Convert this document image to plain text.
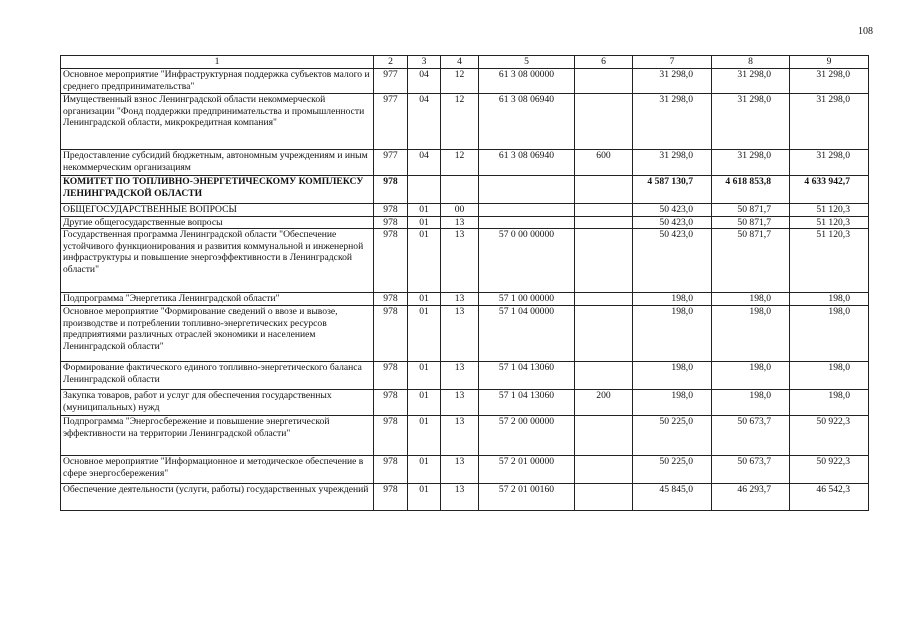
108
1	2	3	4	5	6	7	8	9
Основное мероприятие "Инфраструктурная поддержка субъектов малого и среднего предпринимательства"	977	04	12	61 3 08 00000		31 298,0	31 298,0	31 298,0
Имущественный взнос Ленинградской области некоммерческой организации "Фонд поддержки предпринимательства и промышленности Ленинградской области, микрокредитная компания"	977	04	12	61 3 08 06940		31 298,0	31 298,0	31 298,0
Предоставление субсидий бюджетным, автономным учреждениям и иным некоммерческим организациям	977	04	12	61 3 08 06940	600	31 298,0	31 298,0	31 298,0
КОМИТЕТ ПО ТОПЛИВНО-ЭНЕРГЕТИЧЕСКОМУ КОМПЛЕКСУ ЛЕНИНГРАДСКОЙ ОБЛАСТИ	978					4 587 130,7	4 618 853,8	4 633 942,7
ОБЩЕГОСУДАРСТВЕННЫЕ ВОПРОСЫ	978	01	00			50 423,0	50 871,7	51 120,3
Другие общегосударственные вопросы	978	01	13			50 423,0	50 871,7	51 120,3
Государственная программа Ленинградской области "Обеспечение устойчивого функционирования и развития коммунальной и инженерной инфраструктуры и повышение энергоэффективности в Ленинградской области"	978	01	13	57 0 00 00000		50 423,0	50 871,7	51 120,3
Подпрограмма "Энергетика Ленинградской области"	978	01	13	57 1 00 00000		198,0	198,0	198,0
Основное мероприятие "Формирование сведений о ввозе и вывозе, производстве и потреблении топливно-энергетических ресурсов предприятиями различных отраслей экономики и населением Ленинградской области"	978	01	13	57 1 04 00000		198,0	198,0	198,0
Формирование фактического единого топливно-энергетического баланса Ленинградской области	978	01	13	57 1 04 13060		198,0	198,0	198,0
Закупка товаров, работ и услуг для обеспечения государственных (муниципальных) нужд	978	01	13	57 1 04 13060	200	198,0	198,0	198,0
Подпрограмма "Энергосбережение и повышение энергетической эффективности на территории Ленинградской области"	978	01	13	57 2 00 00000		50 225,0	50 673,7	50 922,3
Основное мероприятие "Информационное и методическое обеспечение в сфере энергосбережения"	978	01	13	57 2 01 00000		50 225,0	50 673,7	50 922,3
Обеспечение деятельности (услуги, работы) государственных учреждений	978	01	13	57 2 01 00160		45 845,0	46 293,7	46 542,3
